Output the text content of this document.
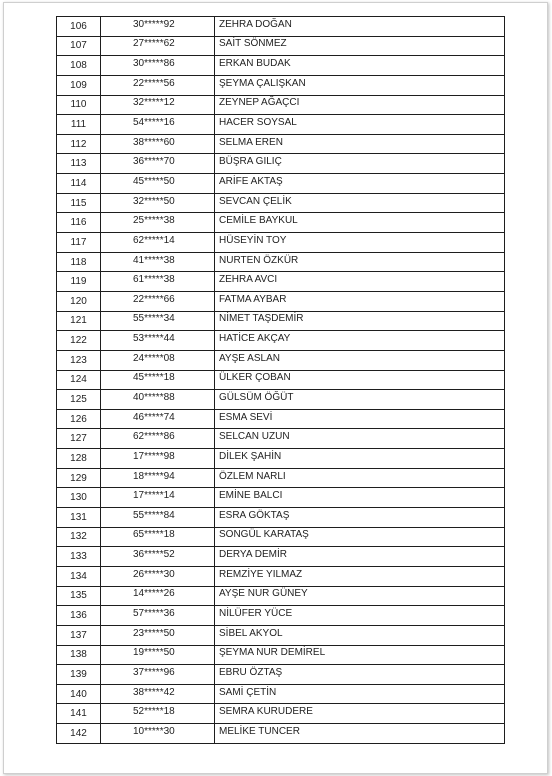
106	30*****92	ZEHRA DOĞAN
107	27*****62	SAİT SÖNMEZ
108	30*****86	ERKAN BUDAK
109	22*****56	ŞEYMA ÇALIŞKAN
110	32*****12	ZEYNEP AĞAÇCI
111	54*****16	HACER SOYSAL
112	38*****60	SELMA EREN
113	36*****70	BÜŞRA GILIÇ
114	45*****50	ARİFE AKTAŞ
115	32*****50	SEVCAN ÇELİK
116	25*****38	CEMİLE BAYKUL
117	62*****14	HÜSEYİN TOY
118	41*****38	NURTEN ÖZKÜR
119	61*****38	ZEHRA AVCI
120	22*****66	FATMA AYBAR
121	55*****34	NİMET TAŞDEMİR
122	53*****44	HATİCE AKÇAY
123	24*****08	AYŞE ASLAN
124	45*****18	ÜLKER ÇOBAN
125	40*****88	GÜLSÜM ÖĞÜT
126	46*****74	ESMA SEVİ
127	62*****86	SELCAN UZUN
128	17*****98	DİLEK ŞAHİN
129	18*****94	ÖZLEM NARLI
130	17*****14	EMİNE BALCI
131	55*****84	ESRA GÖKTAŞ
132	65*****18	SONGÜL KARATAŞ
133	36*****52	DERYA DEMİR
134	26*****30	REMZİYE YILMAZ
135	14*****26	AYŞE NUR GÜNEY
136	57*****36	NİLÜFER YÜCE
137	23*****50	SİBEL AKYOL
138	19*****50	ŞEYMA NUR DEMİREL
139	37*****96	EBRU ÖZTAŞ
140	38*****42	SAMİ ÇETİN
141	52*****18	SEMRA KURUDERE
142	10*****30	MELİKE TUNCER
